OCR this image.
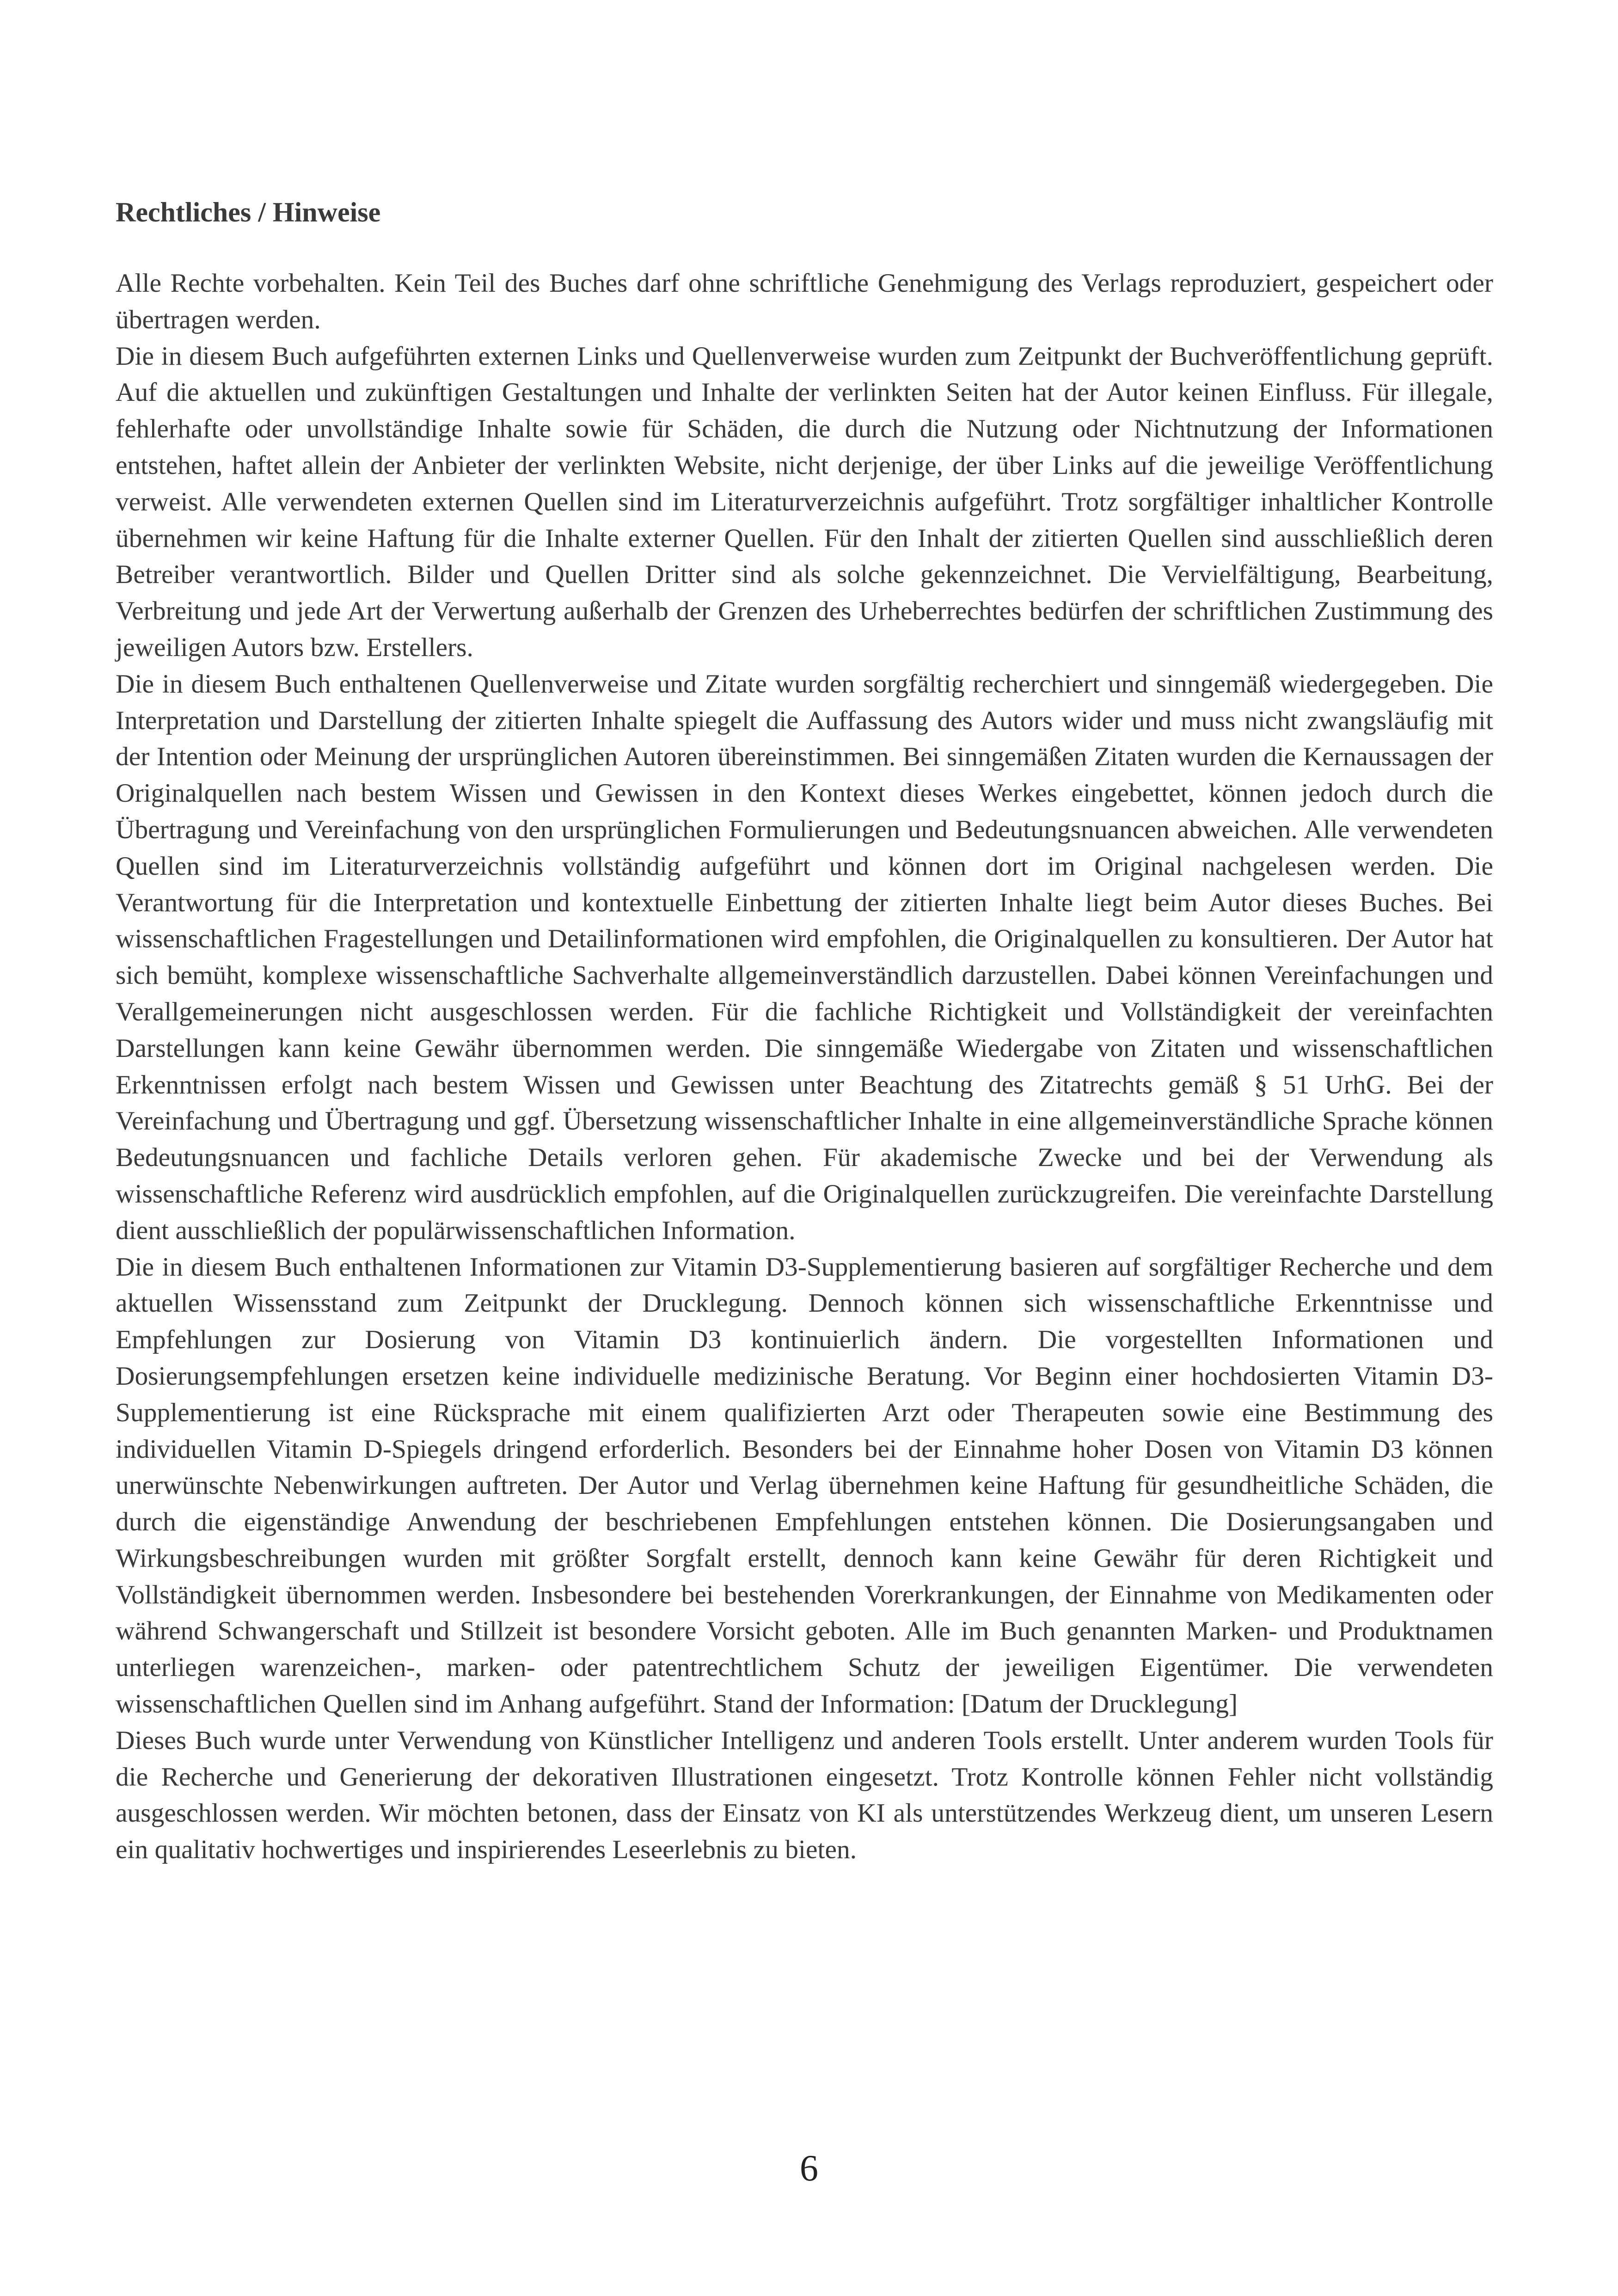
Rechtliches / Hinweise

Alle Rechte vorbehalten. Kein Teil des Buches darf ohne schriftliche Genehmigung des Verlags reproduziert, gespeichert oder übertragen werden.

Die in diesem Buch aufgeführten externen Links und Quellenverweise wurden zum Zeitpunkt der Buchveröffentlichung geprüft. Auf die aktuellen und zukünftigen Gestaltungen und Inhalte der verlinkten Seiten hat der Autor keinen Einfluss. Für illegale, fehlerhafte oder unvollständige Inhalte sowie für Schäden, die durch die Nutzung oder Nichtnutzung der Informationen entstehen, haftet allein der Anbieter der verlinkten Website, nicht derjenige, der über Links auf die jeweilige Veröffentlichung verweist. Alle verwendeten externen Quellen sind im Literaturverzeichnis aufgeführt. Trotz sorgfältiger inhaltlicher Kontrolle übernehmen wir keine Haftung für die Inhalte externer Quellen. Für den Inhalt der zitierten Quellen sind ausschließlich deren Betreiber verantwortlich. Bilder und Quellen Dritter sind als solche gekennzeichnet. Die Vervielfältigung, Bearbeitung, Verbreitung und jede Art der Verwertung außerhalb der Grenzen des Urheberrechtes bedürfen der schriftlichen Zustimmung des jeweiligen Autors bzw. Erstellers.

Die in diesem Buch enthaltenen Quellenverweise und Zitate wurden sorgfältig recherchiert und sinngemäß wiedergegeben. Die Interpretation und Darstellung der zitierten Inhalte spiegelt die Auffassung des Autors wider und muss nicht zwangsläufig mit der Intention oder Meinung der ursprünglichen Autoren übereinstimmen. Bei sinngemäßen Zitaten wurden die Kernaussagen der Originalquellen nach bestem Wissen und Gewissen in den Kontext dieses Werkes eingebettet, können jedoch durch die Übertragung und Vereinfachung von den ursprünglichen Formulierungen und Bedeutungsnuancen abweichen. Alle verwendeten Quellen sind im Literaturverzeichnis vollständig aufgeführt und können dort im Original nachgelesen werden. Die Verantwortung für die Interpretation und kontextuelle Einbettung der zitierten Inhalte liegt beim Autor dieses Buches. Bei wissenschaftlichen Fragestellungen und Detailinformationen wird empfohlen, die Originalquellen zu konsultieren. Der Autor hat sich bemüht, komplexe wissenschaftliche Sachverhalte allgemeinverständlich darzustellen. Dabei können Vereinfachungen und Verallgemeinerungen nicht ausgeschlossen werden. Für die fachliche Richtigkeit und Vollständigkeit der vereinfachten Darstellungen kann keine Gewähr übernommen werden. Die sinngemäße Wiedergabe von Zitaten und wissenschaftlichen Erkenntnissen erfolgt nach bestem Wissen und Gewissen unter Beachtung des Zitatrechts gemäß § 51 UrhG. Bei der Vereinfachung und Übertragung und ggf. Übersetzung wissenschaftlicher Inhalte in eine allgemeinverständliche Sprache können Bedeutungsnuancen und fachliche Details verloren gehen. Für akademische Zwecke und bei der Verwendung als wissenschaftliche Referenz wird ausdrücklich empfohlen, auf die Originalquellen zurückzugreifen. Die vereinfachte Darstellung dient ausschließlich der populärwissenschaftlichen Information.

Die in diesem Buch enthaltenen Informationen zur Vitamin D3-Supplementierung basieren auf sorgfältiger Recherche und dem aktuellen Wissensstand zum Zeitpunkt der Drucklegung. Dennoch können sich wissenschaftliche Erkenntnisse und Empfehlungen zur Dosierung von Vitamin D3 kontinuierlich ändern. Die vorgestellten Informationen und Dosierungsempfehlungen ersetzen keine individuelle medizinische Beratung. Vor Beginn einer hochdosierten Vitamin D3-Supplementierung ist eine Rücksprache mit einem qualifizierten Arzt oder Therapeuten sowie eine Bestimmung des individuellen Vitamin D-Spiegels dringend erforderlich. Besonders bei der Einnahme hoher Dosen von Vitamin D3 können unerwünschte Nebenwirkungen auftreten. Der Autor und Verlag übernehmen keine Haftung für gesundheitliche Schäden, die durch die eigenständige Anwendung der beschriebenen Empfehlungen entstehen können. Die Dosierungsangaben und Wirkungsbeschreibungen wurden mit größter Sorgfalt erstellt, dennoch kann keine Gewähr für deren Richtigkeit und Vollständigkeit übernommen werden. Insbesondere bei bestehenden Vorerkrankungen, der Einnahme von Medikamenten oder während Schwangerschaft und Stillzeit ist besondere Vorsicht geboten. Alle im Buch genannten Marken- und Produktnamen unterliegen warenzeichen-, marken- oder patentrechtlichem Schutz der jeweiligen Eigentümer. Die verwendeten wissenschaftlichen Quellen sind im Anhang aufgeführt. Stand der Information: [Datum der Drucklegung]

Dieses Buch wurde unter Verwendung von Künstlicher Intelligenz und anderen Tools erstellt. Unter anderem wurden Tools für die Recherche und Generierung der dekorativen Illustrationen eingesetzt. Trotz Kontrolle können Fehler nicht vollständig ausgeschlossen werden. Wir möchten betonen, dass der Einsatz von KI als unterstützendes Werkzeug dient, um unseren Lesern ein qualitativ hochwertiges und inspirierendes Leseerlebnis zu bieten.

6
